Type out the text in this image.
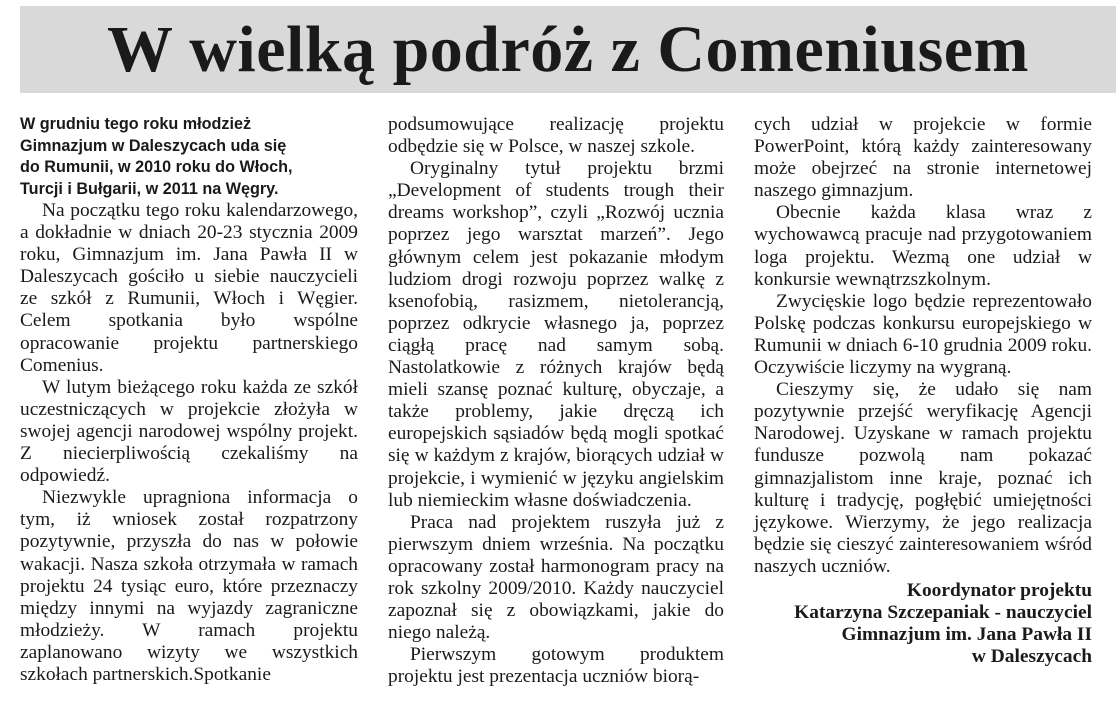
W wielką podróż z Comeniusem

W grudniu tego roku młodzież
Gimnazjum w Daleszycach uda się
do Rumunii, w 2010 roku do Włoch,
Turcji i Bułgarii, w 2011 na Węgry.

Na początku tego roku kalendarzowego, a dokładnie w dniach 20-23 stycznia 2009 roku, Gimnazjum im. Jana Pawła II w Daleszycach gościło u siebie nauczycieli ze szkół z Rumunii, Włoch i Węgier. Celem spotkania było wspólne opracowanie projektu partnerskiego Comenius.

W lutym bieżącego roku każda ze szkół uczestniczących w projekcie złożyła w swojej agencji narodowej wspólny projekt. Z niecierpliwością czekaliśmy na odpowiedź.

Niezwykle upragniona informacja o tym, iż wniosek został rozpatrzony pozytywnie, przyszła do nas w połowie wakacji. Nasza szkoła otrzymała w ramach projektu 24 tysiąc euro, które przeznaczy między innymi na wyjazdy zagraniczne młodzieży. W ramach projektu zaplanowano wizyty we wszystkich szkołach partnerskich.Spotkanie

podsumowujące realizację projektu odbędzie się w Polsce, w naszej szkole.

Oryginalny tytuł projektu brzmi „Development of students trough their dreams workshop”, czyli „Rozwój ucznia poprzez jego warsztat marzeń”. Jego głównym celem jest pokazanie młodym ludziom drogi rozwoju poprzez walkę z ksenofobią, rasizmem, nietolerancją, poprzez odkrycie własnego ja, poprzez ciągłą pracę nad samym sobą. Nastolatkowie z różnych krajów będą mieli szansę poznać kulturę, obyczaje, a także problemy, jakie dręczą ich europejskich sąsiadów będą mogli spotkać się w każdym z krajów, biorących udział w projekcie, i wymienić w języku angielskim lub niemieckim własne doświadczenia.

Praca nad projektem ruszyła już z pierwszym dniem września. Na początku opracowany został harmonogram pracy na rok szkolny 2009/2010. Każdy nauczyciel zapoznał się z obowiązkami, jakie do niego należą.

Pierwszym gotowym produktem projektu jest prezentacja uczniów biorą-

cych udział w projekcie w formie PowerPoint, którą każdy zainteresowany może obejrzeć na stronie internetowej naszego gimnazjum.

Obecnie każda klasa wraz z wychowawcą pracuje nad przygotowaniem loga projektu. Wezmą one udział w konkursie wewnątrzszkolnym.

Zwycięskie logo będzie reprezentowało Polskę podczas konkursu europejskiego w Rumunii w dniach 6-10 grudnia 2009 roku. Oczywiście liczymy na wygraną.

Cieszymy się, że udało się nam pozytywnie przejść weryfikację Agencji Narodowej. Uzyskane w ramach projektu fundusze pozwolą nam pokazać gimnazjalistom inne kraje, poznać ich kulturę i tradycję, pogłębić umiejętności językowe. Wierzymy, że jego realizacja będzie się cieszyć zainteresowaniem wśród naszych uczniów.

Koordynator projektu
Katarzyna Szczepaniak - nauczyciel Gimnazjum im. Jana Pawła II
w Daleszycach
